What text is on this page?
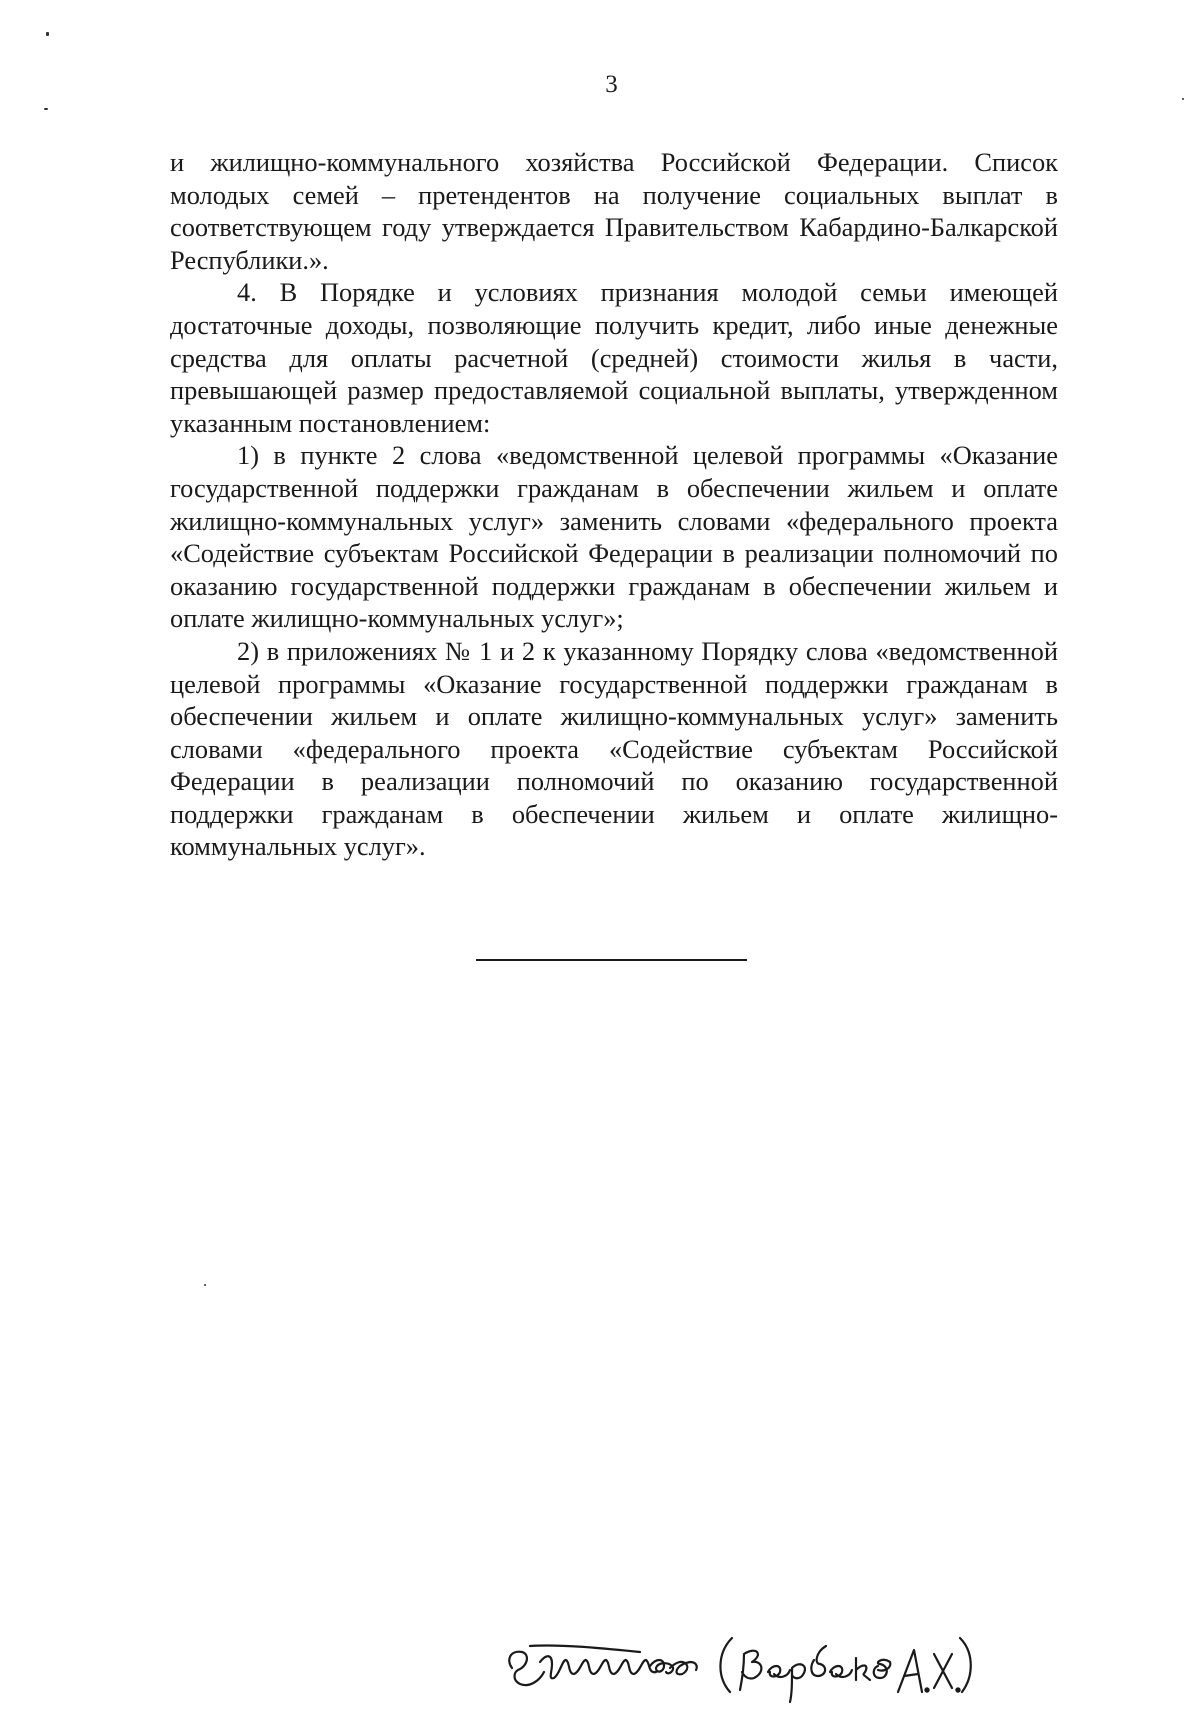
3

и жилищно-коммунального хозяйства Российской Федерации. Список молодых семей – претендентов на получение социальных выплат в соответствующем году утверждается Правительством Кабардино-Балкарской Республики.».

4. В Порядке и условиях признания молодой семьи имеющей достаточные доходы, позволяющие получить кредит, либо иные денежные средства для оплаты расчетной (средней) стоимости жилья в части, превышающей размер предоставляемой социальной выплаты, утвержденном указанным постановлением:

1) в пункте 2 слова «ведомственной целевой программы «Оказание государственной поддержки гражданам в обеспечении жильем и оплате жилищно-коммунальных услуг» заменить словами «федерального проекта «Содействие субъектам Российской Федерации в реализации полномочий по оказанию государственной поддержки гражданам в обеспечении жильем и оплате жилищно-коммунальных услуг»;

2) в приложениях № 1 и 2 к указанному Порядку слова «ведомственной целевой программы «Оказание государственной поддержки гражданам в обеспечении жильем и оплате жилищно-коммунальных услуг» заменить словами «федерального проекта «Содействие субъектам Российской Федерации в реализации полномочий по оказанию государственной поддержки гражданам в обеспечении жильем и оплате жилищно-коммунальных услуг».
